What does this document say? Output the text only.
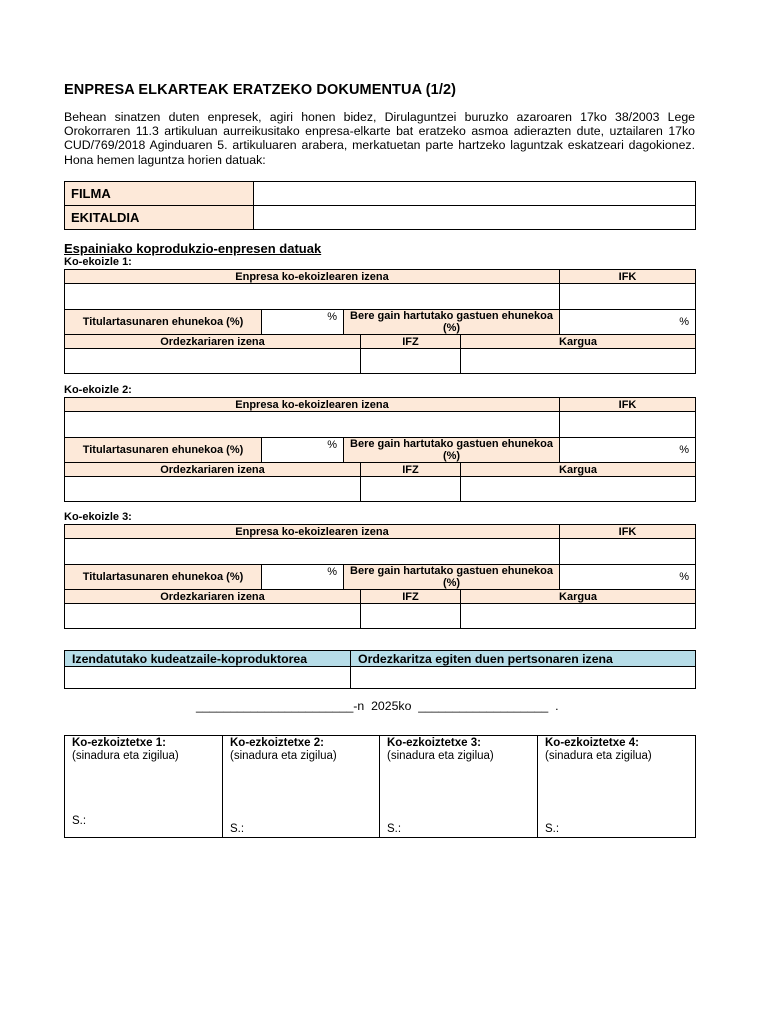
ENPRESA ELKARTEAK ERATZEKO DOKUMENTUA (1/2)

Behean sinatzen duten enpresek, agiri honen bidez, Dirulaguntzei buruzko azaroaren 17ko 38/2003 Lege Orokorraren 11.3 artikuluan aurreikusitako enpresa-elkarte bat eratzeko asmoa adierazten dute, uztailaren 17ko CUD/769/2018 Aginduaren 5. artikuluaren arabera, merkatuetan parte hartzeko laguntzak eskatzeari dagokionez. Hona hemen laguntza horien datuak:

FILMA	
EKITALDIA	
Espainiako koprodukzio-enpresen datuak
Ko-ekoizle 1:
Enpresa ko-ekoizlearen izena					IFK

Titulartasunaren ehunekoa (%)	%	Bere gain hartutako gastuen ehunekoa (%)			%
Ordezkariaren izena			IFZ	Kargua	

Ko-ekoizle 2:
Enpresa ko-ekoizlearen izena					IFK

Titulartasunaren ehunekoa (%)	%	Bere gain hartutako gastuen ehunekoa (%)			%
Ordezkariaren izena			IFZ	Kargua	

Ko-ekoizle 3:
Enpresa ko-ekoizlearen izena					IFK

Titulartasunaren ehunekoa (%)	%	Bere gain hartutako gastuen ehunekoa (%)			%
Ordezkariaren izena			IFZ	Kargua	

Izendatutako kudeatzaile-koproduktorea	Ordezkaritza egiten duen pertsonaren izena

_______________________-n  2025ko ___________________ .
Ko-ezkoiztetxe 1:
(sinadura eta zigilua)
S.:

Ko-ezkoiztetxe 2:
(sinadura eta zigilua)
S.:

Ko-ezkoiztetxe 3:
(sinadura eta zigilua)
S.:

Ko-ezkoiztetxe 4:
(sinadura eta zigilua)
S.:
